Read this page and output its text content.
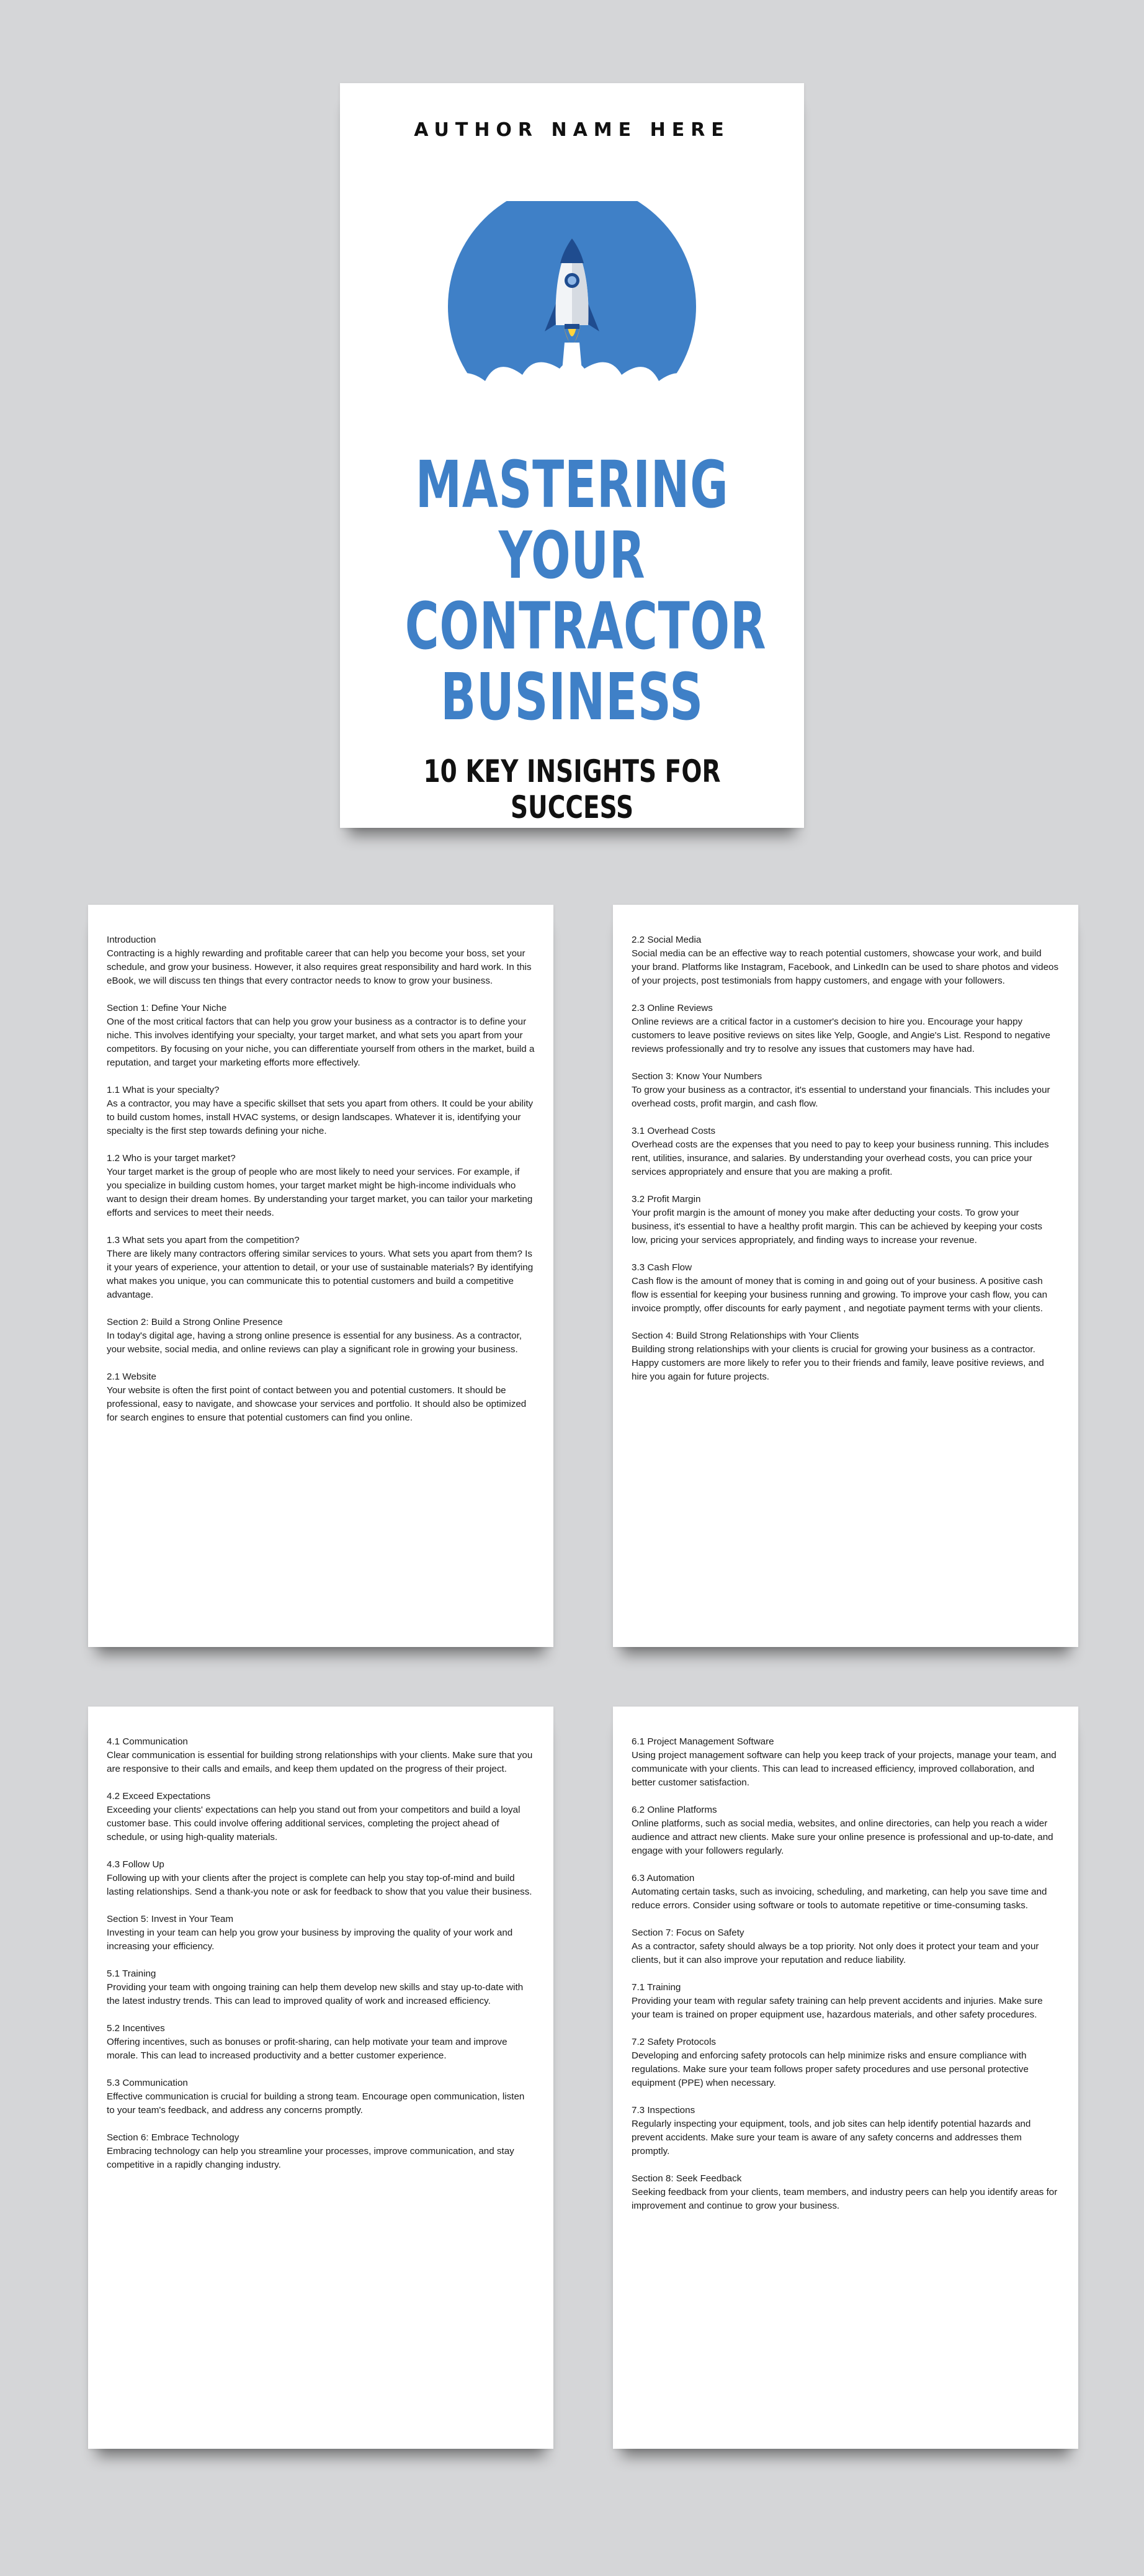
AUTHOR NAME HERE
MASTERING
YOUR
CONTRACTOR
BUSINESS
10 KEY INSIGHTS FOR SUCCESS
Introduction

Contracting is a highly rewarding and profitable career that can help you become your boss, set your schedule, and grow your business. However, it also requires great responsibility and hard work. In this eBook, we will discuss ten things that every contractor needs to know to grow your business.

Section 1: Define Your Niche

One of the most critical factors that can help you grow your business as a contractor is to define your niche. This involves identifying your specialty, your target market, and what sets you apart from your competitors. By focusing on your niche, you can differentiate yourself from others in the market, build a reputation, and target your marketing efforts more effectively.

1.1 What is your specialty?

As a contractor, you may have a specific skillset that sets you apart from others. It could be your ability to build custom homes, install HVAC systems, or design landscapes. Whatever it is, identifying your specialty is the first step towards defining your niche.

1.2 Who is your target market?

Your target market is the group of people who are most likely to need your services. For example, if you specialize in building custom homes, your target market might be high-income individuals who want to design their dream homes. By understanding your target market, you can tailor your marketing efforts and services to meet their needs.

1.3 What sets you apart from the competition?

There are likely many contractors offering similar services to yours. What sets you apart from them? Is it your years of experience, your attention to detail, or your use of sustainable materials? By identifying what makes you unique, you can communicate this to potential customers and build a competitive advantage.

Section 2: Build a Strong Online Presence

In today's digital age, having a strong online presence is essential for any business. As a contractor, your website, social media, and online reviews can play a significant role in growing your business.

2.1 Website

Your website is often the first point of contact between you and potential customers. It should be professional, easy to navigate, and showcase your services and portfolio. It should also be optimized for search engines to ensure that potential customers can find you online.

2.2 Social Media

Social media can be an effective way to reach potential customers, showcase your work, and build your brand. Platforms like Instagram, Facebook, and LinkedIn can be used to share photos and videos of your projects, post testimonials from happy customers, and engage with your followers.

2.3 Online Reviews

Online reviews are a critical factor in a customer's decision to hire you. Encourage your happy customers to leave positive reviews on sites like Yelp, Google, and Angie's List. Respond to negative reviews professionally and try to resolve any issues that customers may have had.

Section 3: Know Your Numbers

To grow your business as a contractor, it's essential to understand your financials. This includes your overhead costs, profit margin, and cash flow.

3.1 Overhead Costs

Overhead costs are the expenses that you need to pay to keep your business running. This includes rent, utilities, insurance, and salaries. By understanding your overhead costs, you can price your services appropriately and ensure that you are making a profit.

3.2 Profit Margin

Your profit margin is the amount of money you make after deducting your costs. To grow your business, it's essential to have a healthy profit margin. This can be achieved by keeping your costs low, pricing your services appropriately, and finding ways to increase your revenue.

3.3 Cash Flow

Cash flow is the amount of money that is coming in and going out of your business. A positive cash flow is essential for keeping your business running and growing. To improve your cash flow, you can invoice promptly, offer discounts for early payment , and negotiate payment terms with your clients.

Section 4: Build Strong Relationships with Your Clients

Building strong relationships with your clients is crucial for growing your business as a contractor. Happy customers are more likely to refer you to their friends and family, leave positive reviews, and hire you again for future projects.

4.1 Communication

Clear communication is essential for building strong relationships with your clients. Make sure that you are responsive to their calls and emails, and keep them updated on the progress of their project.

4.2 Exceed Expectations

Exceeding your clients' expectations can help you stand out from your competitors and build a loyal customer base. This could involve offering additional services, completing the project ahead of schedule, or using high-quality materials.

4.3 Follow Up

Following up with your clients after the project is complete can help you stay top-of-mind and build lasting relationships. Send a thank-you note or ask for feedback to show that you value their business.

Section 5: Invest in Your Team

Investing in your team can help you grow your business by improving the quality of your work and increasing your efficiency.

5.1 Training

Providing your team with ongoing training can help them develop new skills and stay up-to-date with the latest industry trends. This can lead to improved quality of work and increased efficiency.

5.2 Incentives

Offering incentives, such as bonuses or profit-sharing, can help motivate your team and improve morale. This can lead to increased productivity and a better customer experience.

5.3 Communication

Effective communication is crucial for building a strong team. Encourage open communication, listen to your team's feedback, and address any concerns promptly.

Section 6: Embrace Technology

Embracing technology can help you streamline your processes, improve communication, and stay competitive in a rapidly changing industry.

6.1 Project Management Software

Using project management software can help you keep track of your projects, manage your team, and communicate with your clients. This can lead to increased efficiency, improved collaboration, and better customer satisfaction.

6.2 Online Platforms

Online platforms, such as social media, websites, and online directories, can help you reach a wider audience and attract new clients. Make sure your online presence is professional and up-to-date, and engage with your followers regularly.

6.3 Automation

Automating certain tasks, such as invoicing, scheduling, and marketing, can help you save time and reduce errors. Consider using software or tools to automate repetitive or time-consuming tasks.

Section 7: Focus on Safety

As a contractor, safety should always be a top priority. Not only does it protect your team and your clients, but it can also improve your reputation and reduce liability.

7.1 Training

Providing your team with regular safety training can help prevent accidents and injuries. Make sure your team is trained on proper equipment use, hazardous materials, and other safety procedures.

7.2 Safety Protocols

Developing and enforcing safety protocols can help minimize risks and ensure compliance with regulations. Make sure your team follows proper safety procedures and use personal protective equipment (PPE) when necessary.

7.3 Inspections

Regularly inspecting your equipment, tools, and job sites can help identify potential hazards and prevent accidents. Make sure your team is aware of any safety concerns and addresses them promptly.

Section 8: Seek Feedback

Seeking feedback from your clients, team members, and industry peers can help you identify areas for improvement and continue to grow your business.
